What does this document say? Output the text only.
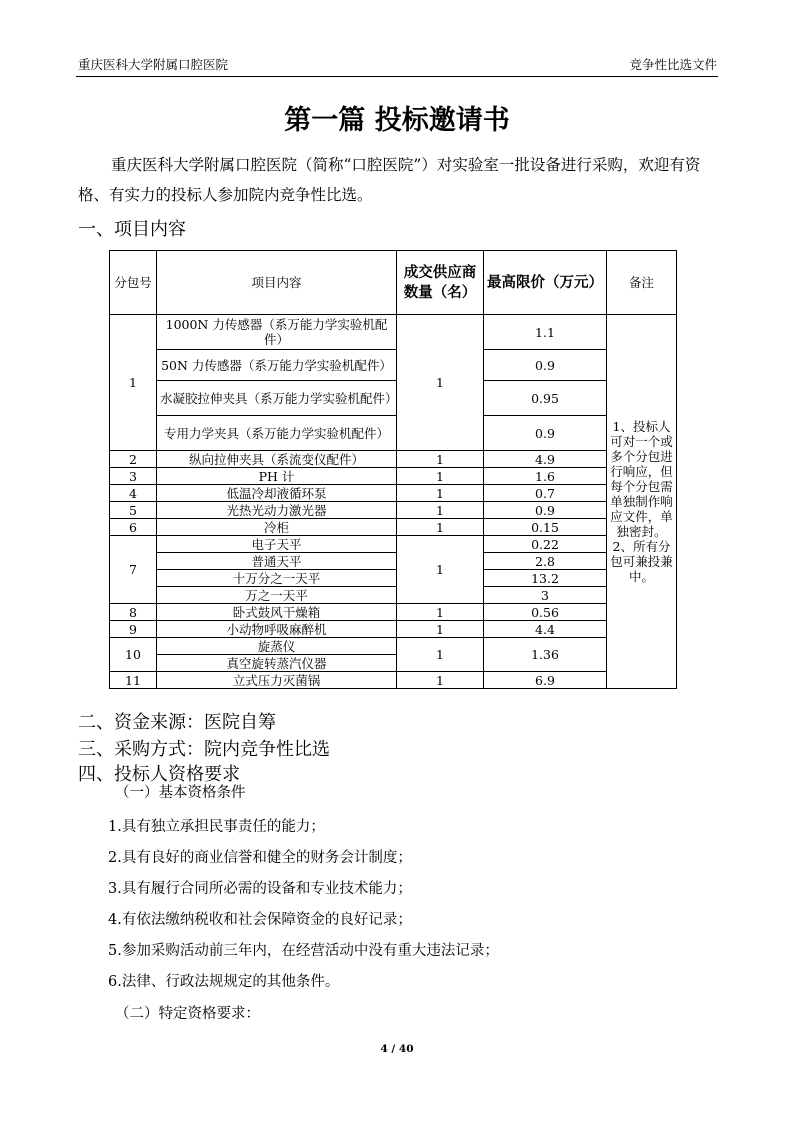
重庆医科大学附属口腔医院	竞争性比选文件
第一篇 投标邀请书
重庆医科大学附属口腔医院（简称“口腔医院”）对实验室一批设备进行采购，欢迎有资格、有实力的投标人参加院内竞争性比选。
一、项目内容
分包号	项目内容	成交供应商数量（名）	最高限价（万元）	备注
1	1000N 力传感器（系万能力学实验机配件）	1	1.1	1、投标人可对一个或多个分包进行响应，但每个分包需单独制作响应文件，单独密封。2、所有分包可兼投兼中。
	50N 力传感器（系万能力学实验机配件）		0.9	
	水凝胶拉伸夹具（系万能力学实验机配件）		0.95	
	专用力学夹具（系万能力学实验机配件）		0.9	
2	纵向拉伸夹具（系流变仪配件）	1	4.9	
3	PH 计	1	1.6	
4	低温冷却液循环泵	1	0.7	
5	光热光动力激光器	1	0.9	
6	冷柜	1	0.15	
7	电子天平	1	0.22	
	普通天平		2.8	
	十万分之一天平		13.2	
	万之一天平		3	
8	卧式鼓风干燥箱	1	0.56	
9	小动物呼吸麻醉机	1	4.4	
10	旋蒸仪	1	1.36	
	真空旋转蒸汽仪器			
11	立式压力灭菌锅	1	6.9	
二、资金来源：医院自筹
三、采购方式：院内竞争性比选
四、投标人资格要求
（一）基本资格条件
1.具有独立承担民事责任的能力；
2.具有良好的商业信誉和健全的财务会计制度；
3.具有履行合同所必需的设备和专业技术能力；
4.有依法缴纳税收和社会保障资金的良好记录；
5.参加采购活动前三年内，在经营活动中没有重大违法记录；
6.法律、行政法规规定的其他条件。
（二）特定资格要求：
4 / 40
